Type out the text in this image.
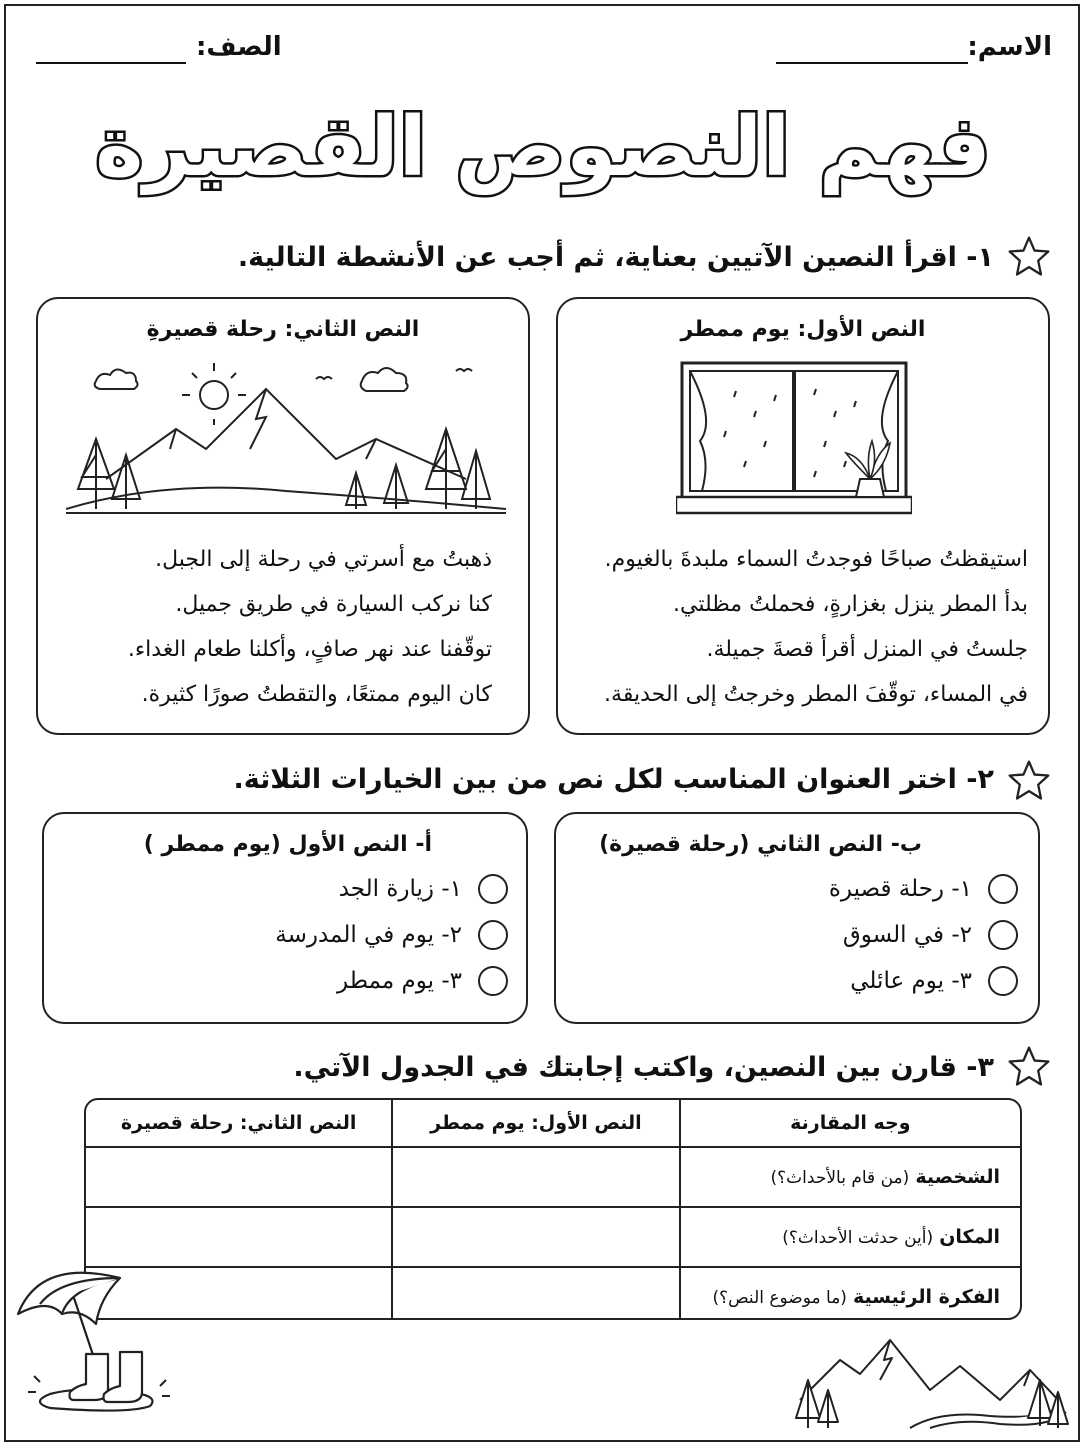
الاسم:
الصف:
فهم النصوص القصيرة
١- اقرأ النصين الآتيين بعناية، ثم أجب عن الأنشطة التالية.
النص الأول: يوم ممطر
استيقظتُ صباحًا فوجدتُ السماء ملبدةَ بالغيوم.
بدأ المطر ينزل بغزارةٍ، فحملتُ مظلتي.
جلستُ في المنزل أقرأ قصةَ جميلة.
في المساء، توقّفَ المطر وخرجتُ إلى الحديقة.
النص الثاني: رحلة قصيرةِ
ذهبتُ مع أسرتي في رحلة إلى الجبل.
كنا نركب السيارة في طريق جميل.
توقّفنا عند نهر صافٍ، وأكلنا طعام الغداء.
كان اليوم ممتعًا، والتقطتُ صورًا كثيرة.
٢- اختر العنوان المناسب لكل نص من بين الخيارات الثلاثة.
ب- النص الثاني (رحلة قصيرة)
١- رحلة قصيرة
٢- في السوق
٣- يوم عائلي
أ- النص الأول (يوم ممطر )
١- زيارة الجد
٢- يوم في المدرسة
٣- يوم ممطر
٣- قارن بين النصين، واكتب إجابتك في الجدول الآتي.
وجه المقارنة	النص الأول: يوم ممطر	النص الثاني: رحلة قصيرة
الشخصية (من قام بالأحداث؟)		
المكان (أين حدثت الأحداث؟)		
الفكرة الرئيسية (ما موضوع النص؟)		
